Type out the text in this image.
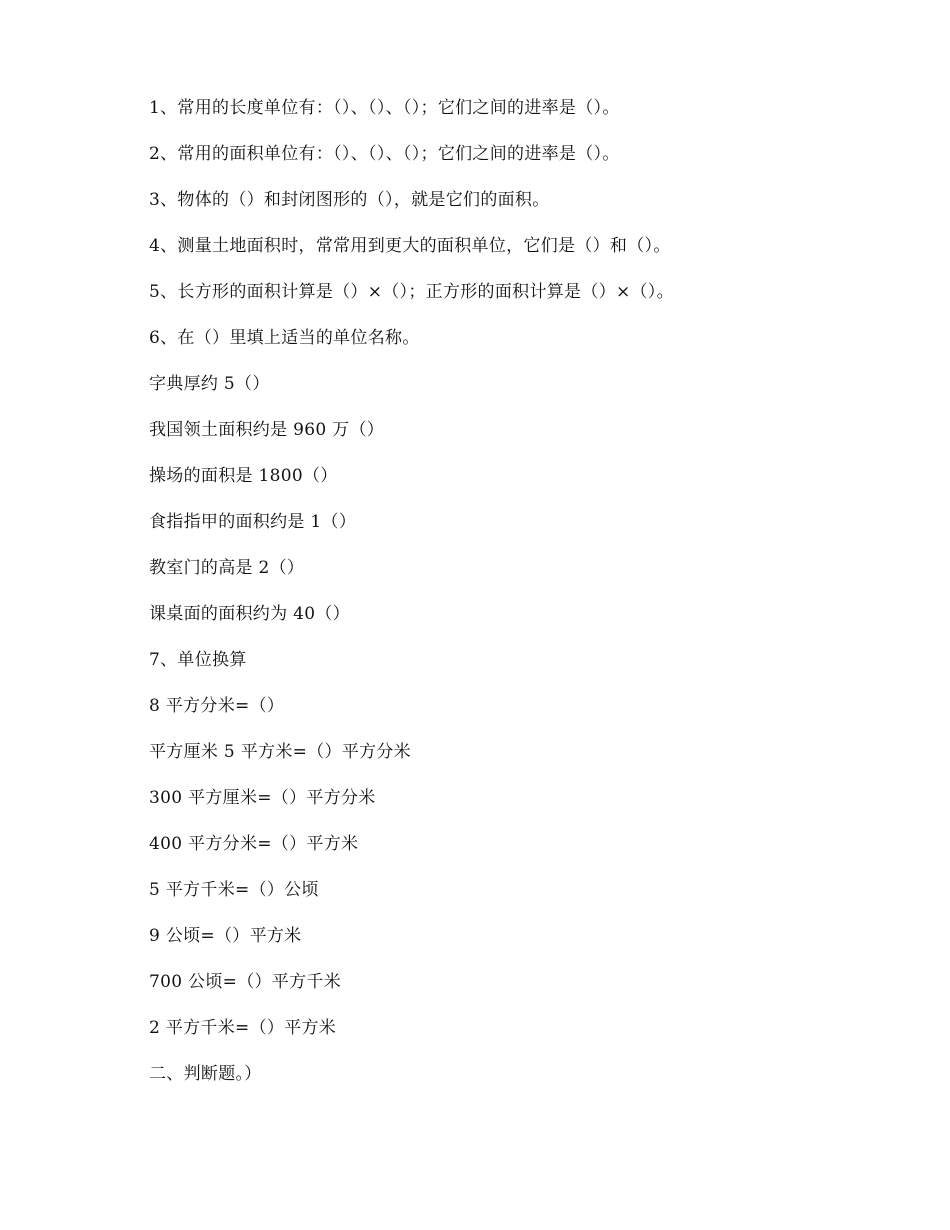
1、常用的长度单位有：（）、（）、（）；它们之间的进率是（）。
2、常用的面积单位有：（）、（）、（）；它们之间的进率是（）。
3、物体的（）和封闭图形的（），就是它们的面积。
4、测量土地面积时，常常用到更大的面积单位，它们是（）和（）。
5、长方形的面积计算是（）×（）；正方形的面积计算是（）×（）。
6、在（）里填上适当的单位名称。
字典厚约 5（）
我国领土面积约是 960 万（）
操场的面积是 1800（）
食指指甲的面积约是 1（）
教室门的高是 2（）
课桌面的面积约为 40（）
7、单位换算
8 平方分米=（）
平方厘米 5 平方米=（）平方分米
300 平方厘米=（）平方分米
400 平方分米=（）平方米
5 平方千米=（）公顷
9 公顷=（）平方米
700 公顷=（）平方千米
2 平方千米=（）平方米
二、判断题。）
